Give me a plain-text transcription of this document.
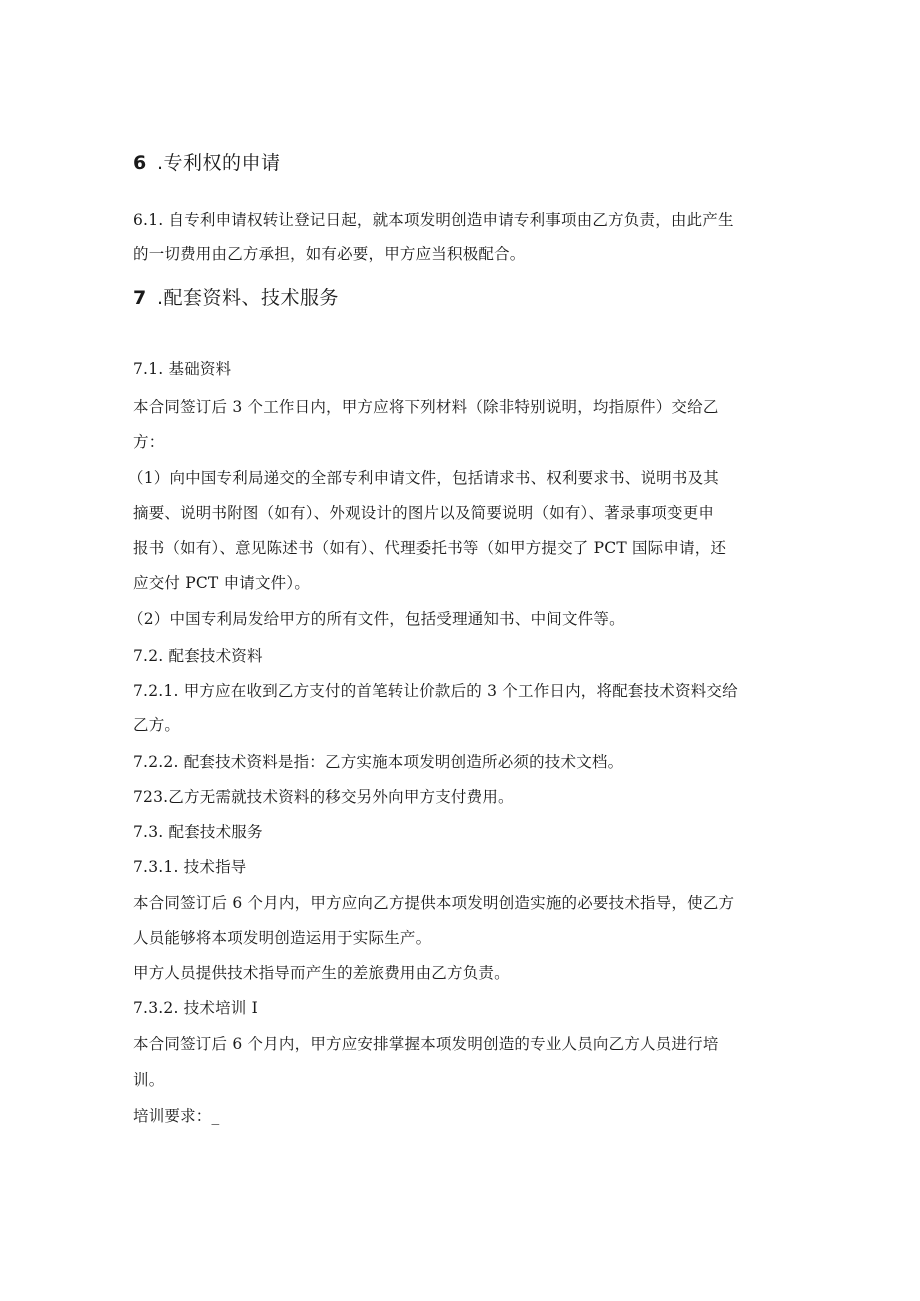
6 .专利权的申请
6.1. 自专利申请权转让登记日起，就本项发明创造申请专利事项由乙方负责，由此产生
的一切费用由乙方承担，如有必要，甲方应当积极配合。
7 .配套资料、技术服务
7.1. 基础资料
本合同签订后 3 个工作日内，甲方应将下列材料（除非特别说明，均指原件）交给乙
方：
（1）向中国专利局递交的全部专利申请文件，包括请求书、权利要求书、说明书及其
摘要、说明书附图（如有）、外观设计的图片以及简要说明（如有）、著录事项变更申
报书（如有）、意见陈述书（如有）、代理委托书等（如甲方提交了 PCT 国际申请，还
应交付 PCT 申请文件）。
（2）中国专利局发给甲方的所有文件，包括受理通知书、中间文件等。
7.2. 配套技术资料
7.2.1. 甲方应在收到乙方支付的首笔转让价款后的 3 个工作日内，将配套技术资料交给
乙方。
7.2.2. 配套技术资料是指：乙方实施本项发明创造所必须的技术文档。
723.乙方无需就技术资料的移交另外向甲方支付费用。
7.3. 配套技术服务
7.3.1. 技术指导
本合同签订后 6 个月内，甲方应向乙方提供本项发明创造实施的必要技术指导，使乙方
人员能够将本项发明创造运用于实际生产。
甲方人员提供技术指导而产生的差旅费用由乙方负责。
7.3.2. 技术培训 I
本合同签订后 6 个月内，甲方应安排掌握本项发明创造的专业人员向乙方人员进行培
训。
培训要求：_
